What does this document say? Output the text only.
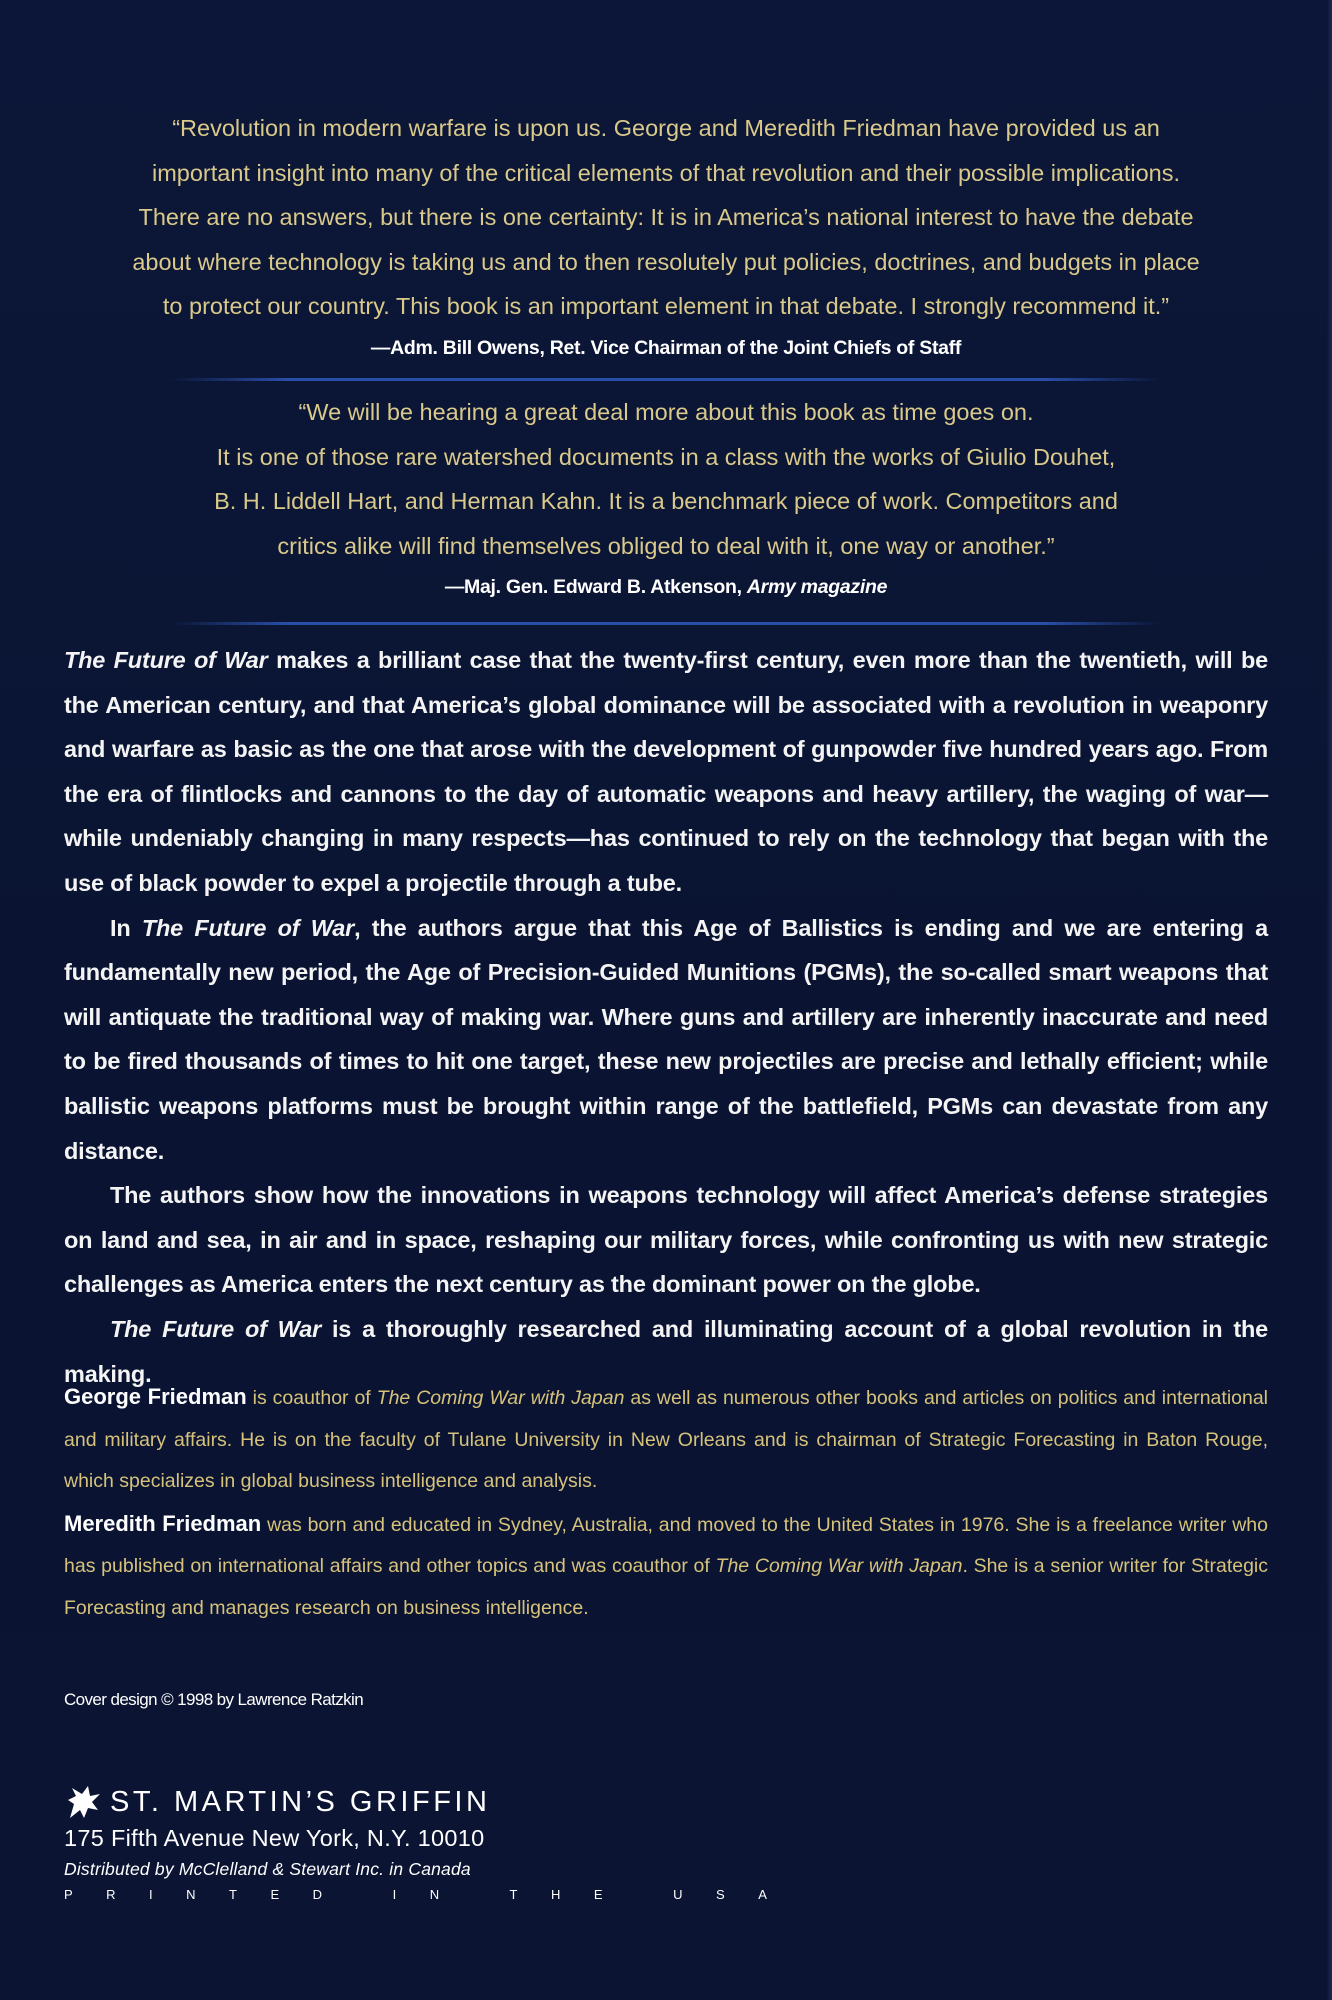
“Revolution in modern warfare is upon us. George and Meredith Friedman have provided us an

important insight into many of the critical elements of that revolution and their possible implications.

There are no answers, but there is one certainty: It is in America’s national interest to have the debate

about where technology is taking us and to then resolutely put policies, doctrines, and budgets in place

to protect our country. This book is an important element in that debate. I strongly recommend it.”

—Adm. Bill Owens, Ret. Vice Chairman of the Joint Chiefs of Staff

“We will be hearing a great deal more about this book as time goes on.

It is one of those rare watershed documents in a class with the works of Giulio Douhet,

B. H. Liddell Hart, and Herman Kahn. It is a benchmark piece of work. Competitors and

critics alike will find themselves obliged to deal with it, one way or another.”

—Maj. Gen. Edward B. Atkenson, Army magazine

The Future of War makes a brilliant case that the twenty-first century, even more than the twentieth, will be the American century, and that America’s global dominance will be associated with a revolution in weaponry and warfare as basic as the one that arose with the development of gunpowder five hundred years ago. From the era of flintlocks and cannons to the day of automatic weapons and heavy artillery, the waging of war—while undeniably changing in many respects—has continued to rely on the technology that began with the use of black powder to expel a projectile through a tube.

In The Future of War, the authors argue that this Age of Ballistics is ending and we are entering a fundamentally new period, the Age of Precision-Guided Munitions (PGMs), the so-called smart weapons that will antiquate the traditional way of making war. Where guns and artillery are inherently inaccurate and need to be fired thousands of times to hit one target, these new projectiles are precise and lethally efficient; while ballistic weapons platforms must be brought within range of the battlefield, PGMs can devastate from any distance.

The authors show how the innovations in weapons technology will affect America’s defense strategies on land and sea, in air and in space, reshaping our military forces, while confronting us with new strategic challenges as America enters the next century as the dominant power on the globe.

The Future of War is a thoroughly researched and illuminating account of a global revolution in the making.

George Friedman is coauthor of The Coming War with Japan as well as numerous other books and articles on politics and international and military affairs. He is on the faculty of Tulane University in New Orleans and is chairman of Strategic Forecasting in Baton Rouge, which specializes in global business intelligence and analysis.

Meredith Friedman was born and educated in Sydney, Australia, and moved to the United States in 1976. She is a freelance writer who has published on international affairs and other topics and was coauthor of The Coming War with Japan. She is a senior writer for Strategic Forecasting and manages research on business intelligence.

Cover design © 1998 by Lawrence Ratzkin
ST. MARTIN’S GRIFFIN
175 Fifth Avenue New York, N.Y. 10010
Distributed by McClelland & Stewart Inc. in Canada
PRINTED IN THE USA
